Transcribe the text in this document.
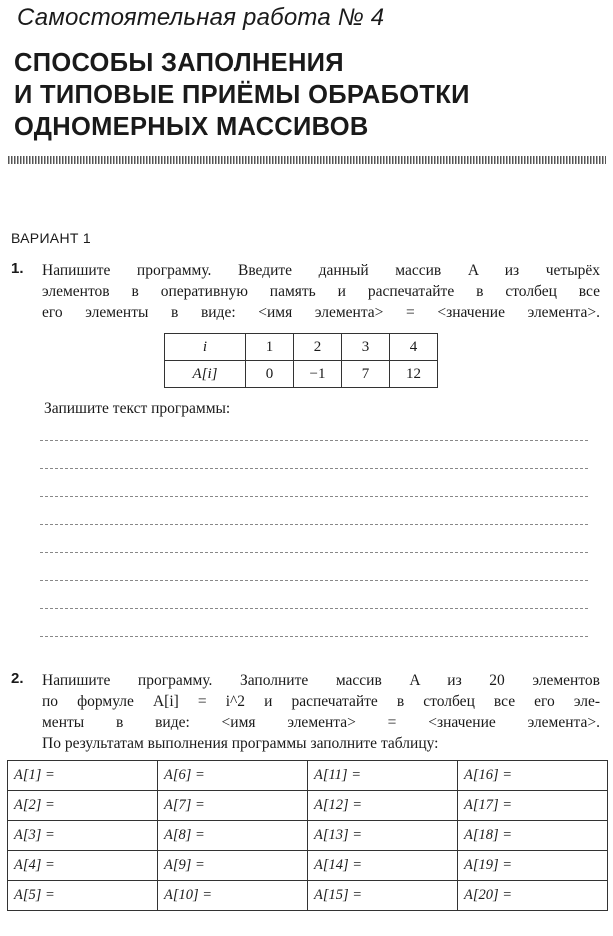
Самостоятельная работа № 4
СПОСОБЫ ЗАПОЛНЕНИЯ
И ТИПОВЫЕ ПРИЁМЫ ОБРАБОТКИ
ОДНОМЕРНЫХ МАССИВОВ
ВАРИАНТ 1
1. Напишите программу. Введите данный массив A из четырёх
элементов в оперативную память и распечатайте в столбец все
его элементы в виде: <имя элемента> = <значение элемента>.
i	1	2	3	4
A[i]	0	−1	7	12
Запишите текст программы:
2. Напишите программу. Заполните массив A из 20 элементов
по формуле A[i] = i^2 и распечатайте в столбец все его эле-
менты в виде: <имя элемента> = <значение элемента>.
По результатам выполнения программы заполните таблицу:
A[1] =	A[6] =	A[11] =	A[16] =
A[2] =	A[7] =	A[12] =	A[17] =
A[3] =	A[8] =	A[13] =	A[18] =
A[4] =	A[9] =	A[14] =	A[19] =
A[5] =	A[10] =	A[15] =	A[20] =
